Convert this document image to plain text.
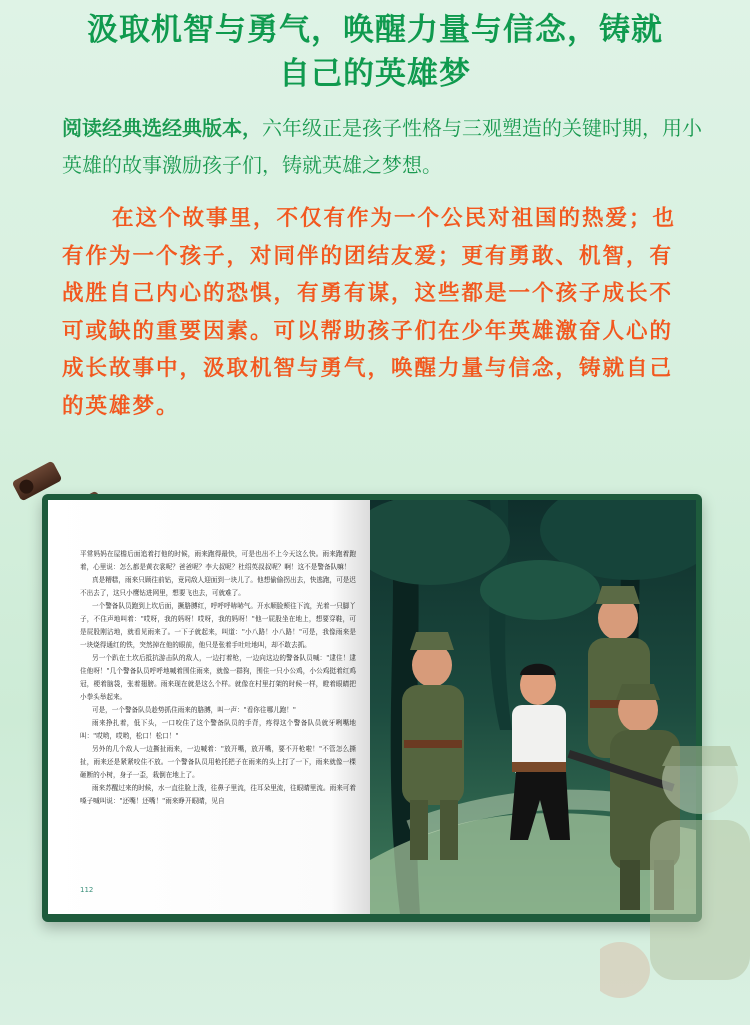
汲取机智与勇气，唤醒力量与信念，铸就
自己的英雄梦
阅读经典选经典版本，六年级正是孩子性格与三观塑造的关键时期，用小英雄的故事激励孩子们，铸就英雄之梦想。
在这个故事里，不仅有作为一个公民对祖国的热爱；也有作为一个孩子，对同伴的团结友爱；更有勇敢、机智，有战胜自己内心的恐惧，有勇有谋，这些都是一个孩子成长不可或缺的重要因素。可以帮助孩子们在少年英雄激奋人心的成长故事中，汲取机智与勇气，唤醒力量与信念，铸就自己的英雄梦。

平常妈妈在屋檐后面追着打他的时候，雨来跑得最快，可是也出不上今天这么快。雨来跑着跑着，心里说：怎么都是黄衣裳呢？爸爸呢？李大叔呢？杜绍英叔叔呢？啊！这不是警备队嘛！

真是糟糕，雨来只顾往前钻，竟同敌人迎面到一块儿了。他想偷偷拐出去，快逃跑，可是迟不出去了，这只小鹰钻进网里，想要飞也去，可就难了。

一个警备队员跑到上坎后面，撅胳膊红，呼呼呼哧哧气。开水顺脸颊往下流，光着一只脚丫子，不住声地叫着："哎呀，我的妈呀！哎呀，我的妈呀！"他一屁股坐在地上，想要穿鞋，可是屁股刚沾地，就看见雨来了。一下子就起来，叫道："小八路！小八路！"可是，我像雨来是一块烧得通红的铁，突然掉在他的眼前，他只是张着手吐吐地叫，却不敢去抓。

另一个趴在土坎后抵抗游击队的敌人，一边打着枪，一边向这边的警备队员喊："逮住！逮住他呀！"几个警备队员呼呼地喊着围住雨来，就像一群狗，围住一只小公鸡，小公鸡挺着红鸡冠，梗着脑袋，张着翅膀。雨来现在就是这么个样。就像在村里打架的时候一样，瞪着眼睛把小拳头举起来。

可是，一个警备队员趁势抓住雨来的胳膊，叫一声："看你往哪儿跑！"

雨来挣扎着，低下头，一口咬住了这个警备队员的手背，疼得这个警备队员就牙咧嘴地叫："哎哟，哎哟，松口！松口！"

另外的几个敌人一边撕扯雨来，一边喊着："放开嘴，放开嘴，要不开枪啦！"不管怎么撕扯，雨来还是紧紧咬住不放。一个警备队员用枪托把子在雨来的头上打了一下，雨来就像一棵砸断的小树，身子一歪，栽倒在地上了。

雨来苏醒过来的时候，水一直往脸上泼，往鼻子里流，往耳朵里流，往眼睛里流。雨来可着嗓子喊叫说："还嘴！还嘴！"雨来睁开眼睛，见自

112
